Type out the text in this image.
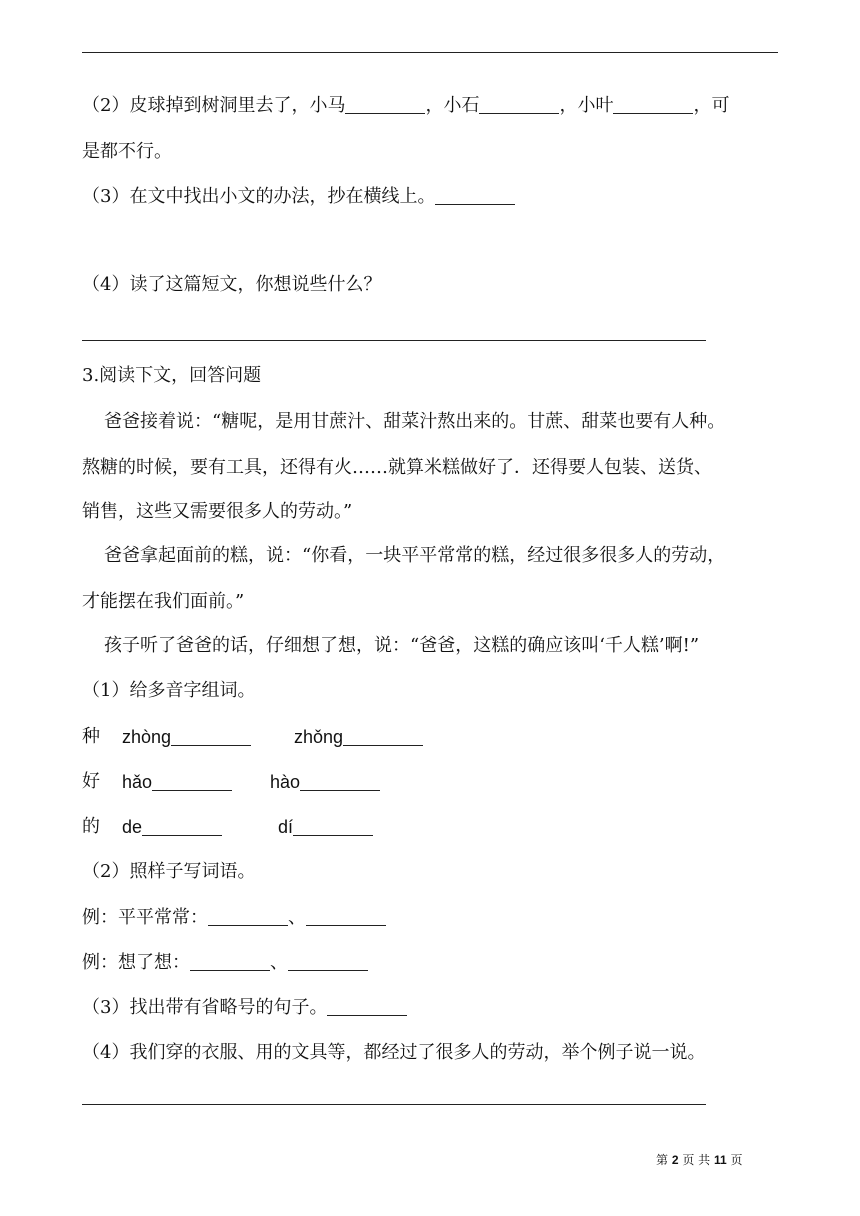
（2）皮球掉到树洞里去了，小马	，小石	，小叶	，可
是都不行。
（3）在文中找出小文的办法，抄在横线上。
（4）读了这篇短文，你想说些什么？
3.阅读下文，回答问题
爸爸接着说：“糖呢，是用甘蔗汁、甜菜汁熬出来的。甘蔗、甜菜也要有人种。
熬糖的时候，要有工具，还得有火……就算米糕做好了．还得要人包装、送货、
销售，这些又需要很多人的劳动。”
爸爸拿起面前的糕，说：“你看，一块平平常常的糕，经过很多很多人的劳动，
才能摆在我们面前。”
孩子听了爸爸的话，仔细想了想，说：“爸爸，这糕的确应该叫‘千人糕’啊!”
（1）给多音字组词。
种 zhòng	zhǒng
好 hǎo	hào
的 de	dí
（2）照样子写词语。
例：平平常常：	、
例：想了想：	、
（3）找出带有省略号的句子。
（4）我们穿的衣服、用的文具等，都经过了很多人的劳动，举个例子说一说。
第 2 页 共 11 页
